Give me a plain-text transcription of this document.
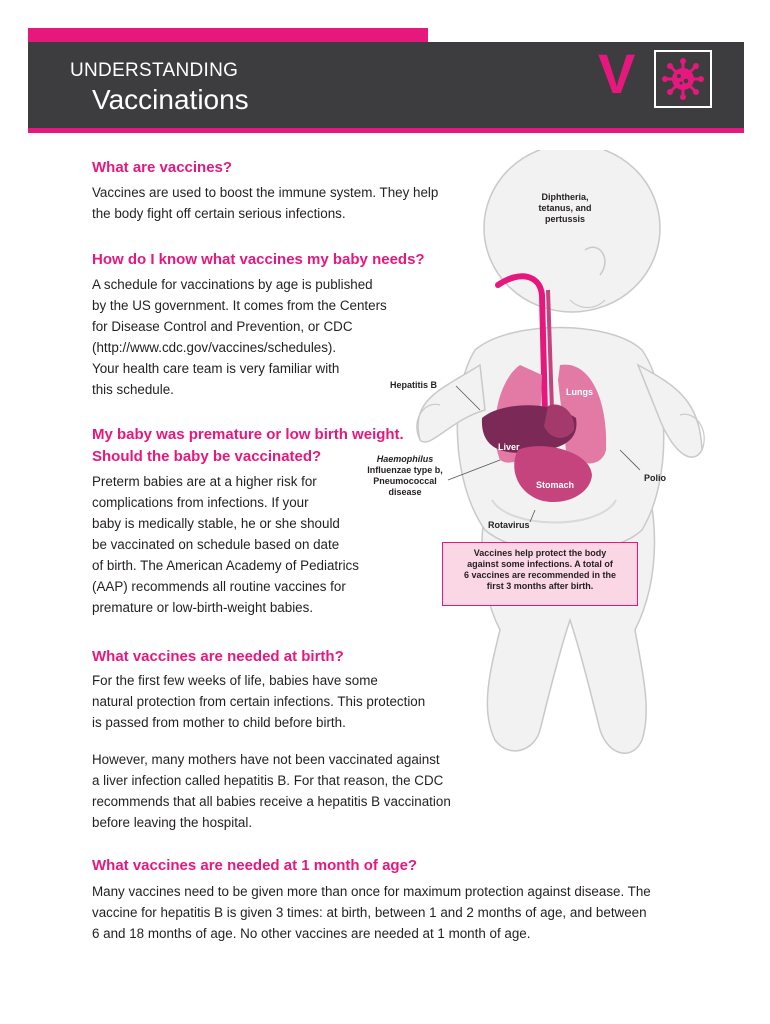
UNDERSTANDING
Vaccinations	V
Diphtheria,
tetanus, and
pertussis
Hepatitis B
Lungs
Liver
Haemophilus
Influenzae type b,
Pneumococcal
disease
Stomach
Polio
Rotavirus
Vaccines help protect the body
against some infections. A total of
6 vaccines are recommended in the
first 3 months after birth.
What are vaccines?

Vaccines are used to boost the immune system. They help
the body fight off certain serious infections.

How do I know what vaccines my baby needs?

A schedule for vaccinations by age is published
by the US government. It comes from the Centers
for Disease Control and Prevention, or CDC
(http://www.cdc.gov/vaccines/schedules).
Your health care team is very familiar with
this schedule.

My baby was premature or low birth weight.
Should the baby be vaccinated?

Preterm babies are at a higher risk for
complications from infections. If your
baby is medically stable, he or she should
be vaccinated on schedule based on date
of birth. The American Academy of Pediatrics
(AAP) recommends all routine vaccines for
premature or low-birth-weight babies.

What vaccines are needed at birth?

For the first few weeks of life, babies have some
natural protection from certain infections. This protection
is passed from mother to child before birth.

However, many mothers have not been vaccinated against
a liver infection called hepatitis B. For that reason, the CDC
recommends that all babies receive a hepatitis B vaccination
before leaving the hospital.

What vaccines are needed at 1 month of age?

Many vaccines need to be given more than once for maximum protection against disease. The
vaccine for hepatitis B is given 3 times: at birth, between 1 and 2 months of age, and between
6 and 18 months of age. No other vaccines are needed at 1 month of age.
